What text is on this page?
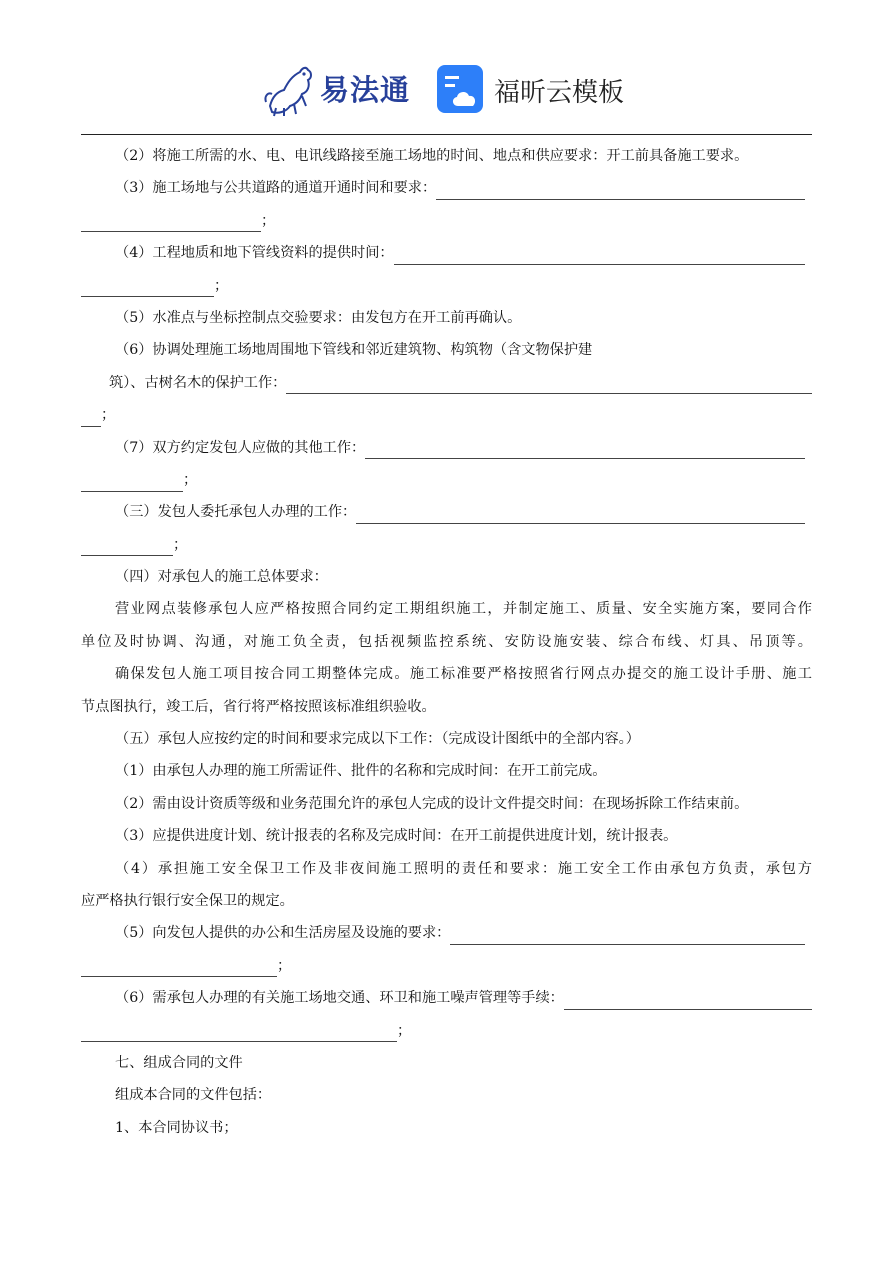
易法通	福昕云模板
（2）将施工所需的水、电、电讯线路接至施工场地的时间、地点和供应要求：开工前具备施工要求。
（3）施工场地与公共道路的通道开通时间和要求：
；
（4）工程地质和地下管线资料的提供时间：
；
（5）水准点与坐标控制点交验要求：由发包方在开工前再确认。
（6）协调处理施工场地周围地下管线和邻近建筑物、构筑物（含文物保护建
筑）、古树名木的保护工作：
；
（7）双方约定发包人应做的其他工作：
；
（三）发包人委托承包人办理的工作：
；
（四）对承包人的施工总体要求：
营业网点装修承包人应严格按照合同约定工期组织施工，并制定施工、质量、安全实施方案，要同合作
单位及时协调、沟通，对施工负全责，包括视频监控系统、安防设施安装、综合布线、灯具、吊顶等。
确保发包人施工项目按合同工期整体完成。施工标准要严格按照省行网点办提交的施工设计手册、施工
节点图执行，竣工后，省行将严格按照该标准组织验收。
（五）承包人应按约定的时间和要求完成以下工作：（完成设计图纸中的全部内容。）
（1）由承包人办理的施工所需证件、批件的名称和完成时间：在开工前完成。
（2）需由设计资质等级和业务范围允许的承包人完成的设计文件提交时间：在现场拆除工作结束前。
（3）应提供进度计划、统计报表的名称及完成时间：在开工前提供进度计划，统计报表。
（4）承担施工安全保卫工作及非夜间施工照明的责任和要求：施工安全工作由承包方负责，承包方
应严格执行银行安全保卫的规定。
（5）向发包人提供的办公和生活房屋及设施的要求：
；
（6）需承包人办理的有关施工场地交通、环卫和施工噪声管理等手续：
；
七、组成合同的文件
组成本合同的文件包括：
1、本合同协议书；
